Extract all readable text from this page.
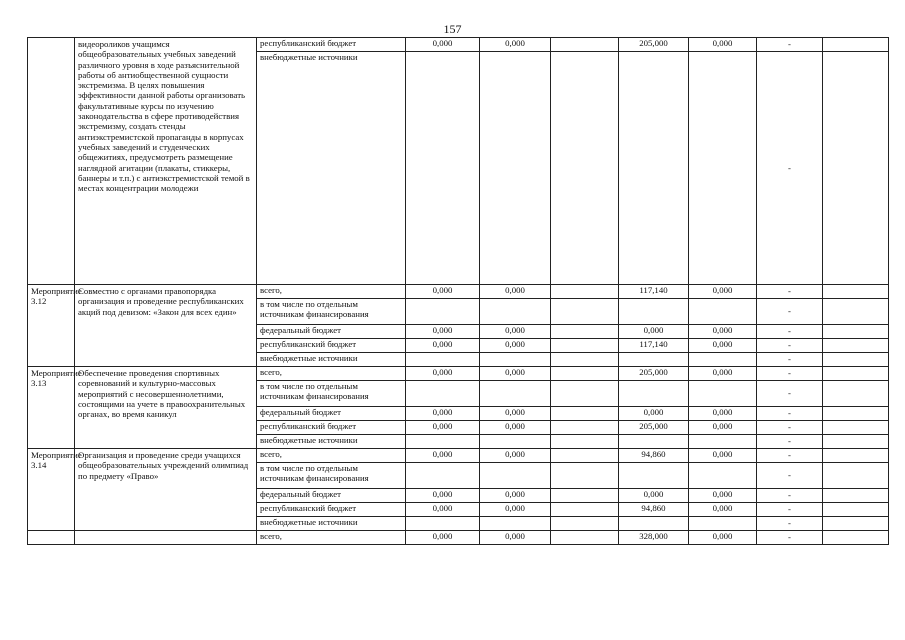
157
	видеороликов учащимся общеобразовательных учебных заведений различного уровня в ходе разъяснительной работы об антиобщественной сущности экстремизма. В целях повышения эффективности данной работы организовать факультативные курсы по изучению законодательства в сфере противодействия экстремизму, создать стенды антиэкстремистской пропаганды в корпусах учебных заведений и студенческих общежитиях, предусмотреть размещение наглядной агитации (плакаты, стиккеры, баннеры и т.п.) с антиэкстремистской темой в местах концентрации молодежи	республиканский бюджет	0,000	0,000		205,000	0,000	-	
		внебюджетные источники						-	
Мероприятие 3.12	Совместно с органами правопорядка организация и проведение республиканских акций под девизом: «Закон для всех един»	всего,	0,000	0,000		117,140	0,000	-	
		в том числе по отдельным источникам финансирования						-	
		федеральный бюджет	0,000	0,000		0,000	0,000	-	
		республиканский бюджет	0,000	0,000		117,140	0,000	-	
		внебюджетные источники						-	
Мероприятие 3.13	Обеспечение проведения спортивных соревнований и культурно-массовых мероприятий с несовершеннолетними, состоящими на учете в правоохранительных органах, во время каникул	всего,	0,000	0,000		205,000	0,000	-	
		в том числе по отдельным источникам финансирования						-	
		федеральный бюджет	0,000	0,000		0,000	0,000	-	
		республиканский бюджет	0,000	0,000		205,000	0,000	-	
		внебюджетные источники						-	
Мероприятие 3.14	Организация и проведение среди учащихся общеобразовательных учреждений олимпиад по предмету «Право»	всего,	0,000	0,000		94,860	0,000	-	
		в том числе по отдельным источникам финансирования						-	
		федеральный бюджет	0,000	0,000		0,000	0,000	-	
		республиканский бюджет	0,000	0,000		94,860	0,000	-	
		внебюджетные источники						-	
		всего,	0,000	0,000		328,000	0,000	-	
